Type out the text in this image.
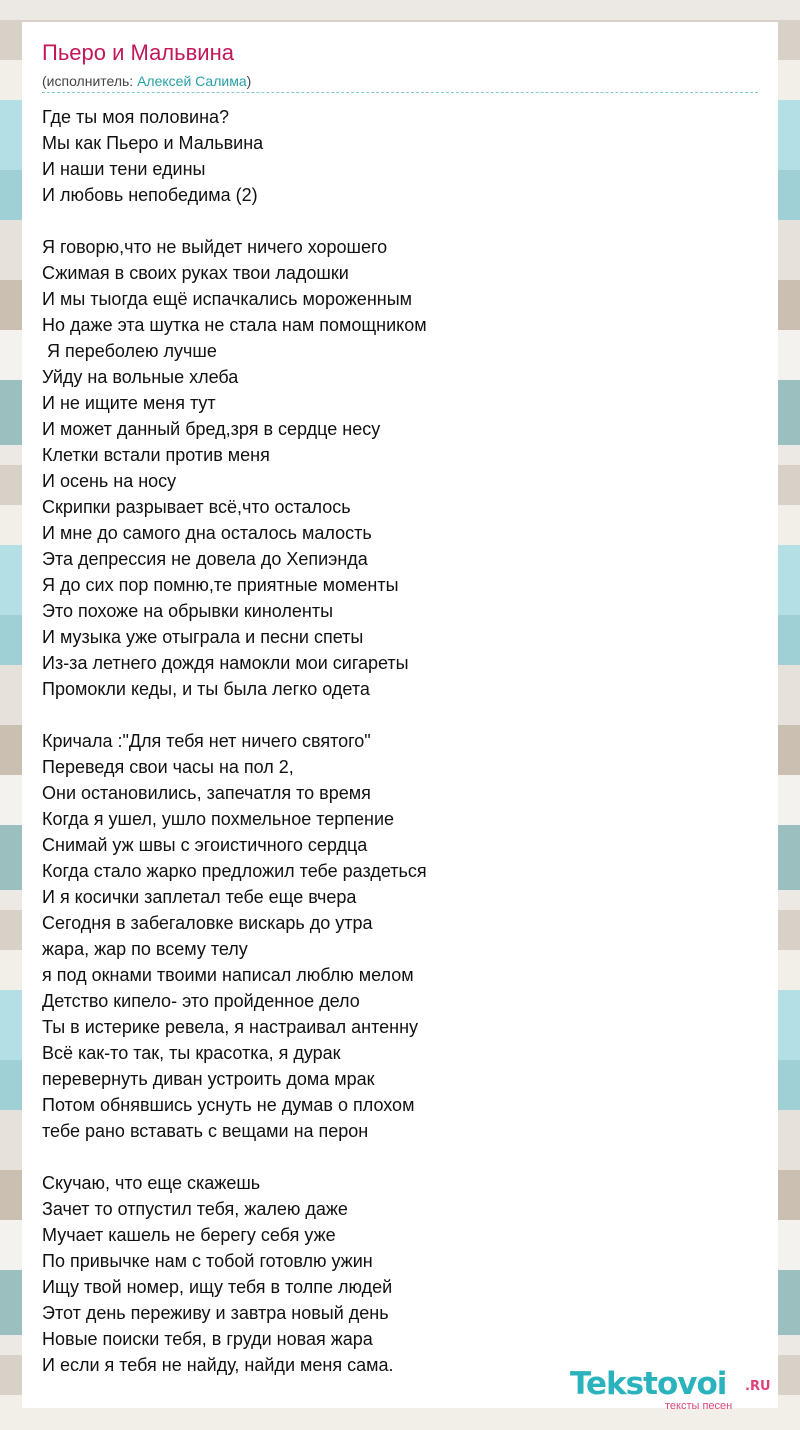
Пьеро и Мальвина
(исполнитель: Алексей Салима)
Где ты моя половина?
Мы как Пьеро и Мальвина
И наши тени едины
И любовь непобедима (2)
Я говорю,что не выйдет ничего хорошего
Сжимая в своих руках твои ладошки
И мы тыогда ещё испачкались мороженным
Но даже эта шутка не стала нам помощником
Я переболею лучше
Уйду на вольные хлеба
И не ищите меня тут
И может данный бред,зря в сердце несу
Клетки встали против меня
И осень на носу
Скрипки разрывает всё,что осталось
И мне до самого дна осталось малость
Эта депрессия не довела до Хепиэнда
Я до сих пор помню,те приятные моменты
Это похоже на обрывки киноленты
И музыка уже отыграла и песни спеты
Из-за летнего дождя намокли мои сигареты
Промокли кеды, и ты была легко одета
Кричала :"Для тебя нет ничего святого"
Переведя свои часы на пол 2,
Они остановились, запечатля то время
Когда я ушел, ушло похмельное терпение
Снимай уж швы с эгоистичного сердца
Когда стало жарко предложил тебе раздеться
И я косички заплетал тебе еще вчера
Сегодня в забегаловке вискарь до утра
жара, жар по всему телу
я под окнами твоими написал люблю мелом
Детство кипело- это пройденное дело
Ты в истерике ревела, я настраивал антенну
Всё как-то так, ты красотка, я дурак
перевернуть диван устроить дома мрак
Потом обнявшись уснуть не думав о плохом
тебе рано вставать с вещами на перон
Скучаю, что еще скажешь
Зачет то отпустил тебя, жалею даже
Мучает кашель не берегу себя уже
По привычке нам с тобой готовлю ужин
Ищу твой номер, ищу тебя в толпе людей
Этот день переживу и завтра новый день
Новые поиски тебя, в груди новая жара
И если я тебя не найду, найди меня сама.
Tekstovoi .RU
тексты песен
